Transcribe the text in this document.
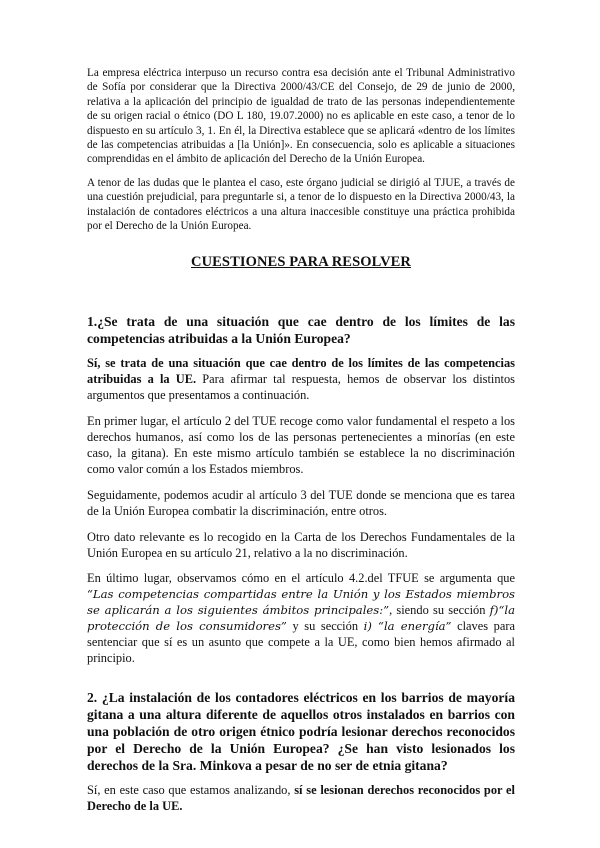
La empresa eléctrica interpuso un recurso contra esa decisión ante el Tribunal Administrativo de Sofía por considerar que la Directiva 2000/43/CE del Consejo, de 29 de junio de 2000, relativa a la aplicación del principio de igualdad de trato de las personas independientemente de su origen racial o étnico (DO L 180, 19.07.2000) no es aplicable en este caso, a tenor de lo dispuesto en su artículo 3, 1. En él, la Directiva establece que se aplicará «dentro de los límites de las competencias atribuidas a [la Unión]». En consecuencia, solo es aplicable a situaciones comprendidas en el ámbito de aplicación del Derecho de la Unión Europea.

A tenor de las dudas que le plantea el caso, este órgano judicial se dirigió al TJUE, a través de una cuestión prejudicial, para preguntarle si, a tenor de lo dispuesto en la Directiva 2000/43, la instalación de contadores eléctricos a una altura inaccesible constituye una práctica prohibida por el Derecho de la Unión Europea.

CUESTIONES PARA RESOLVER
1.¿Se trata de una situación que cae dentro de los límites de las competencias atribuidas a la Unión Europea?

Sí, se trata de una situación que cae dentro de los límites de las competencias atribuidas a la UE. Para afirmar tal respuesta, hemos de observar los distintos argumentos que presentamos a continuación.

En primer lugar, el artículo 2 del TUE recoge como valor fundamental el respeto a los derechos humanos, así como los de las personas pertenecientes a minorías (en este caso, la gitana). En este mismo artículo también se establece la no discriminación como valor común a los Estados miembros.

Seguidamente, podemos acudir al artículo 3 del TUE donde se menciona que es tarea de la Unión Europea combatir la discriminación, entre otros.

Otro dato relevante es lo recogido en la Carta de los Derechos Fundamentales de la Unión Europea en su artículo 21, relativo a la no discriminación.

En último lugar, observamos cómo en el artículo 4.2.del TFUE se argumenta que “Las competencias compartidas entre la Unión y los Estados miembros se aplicarán a los siguientes ámbitos principales:”, siendo su sección f)“la protección de los consumidores” y su sección i) “la energía” claves para sentenciar que sí es un asunto que compete a la UE, como bien hemos afirmado al principio.

2. ¿La instalación de los contadores eléctricos en los barrios de mayoría gitana a una altura diferente de aquellos otros instalados en barrios con una población de otro origen étnico podría lesionar derechos reconocidos por el Derecho de la Unión Europea? ¿Se han visto lesionados los derechos de la Sra. Minkova a pesar de no ser de etnia gitana?

Sí, en este caso que estamos analizando, sí se lesionan derechos reconocidos por el Derecho de la UE.
